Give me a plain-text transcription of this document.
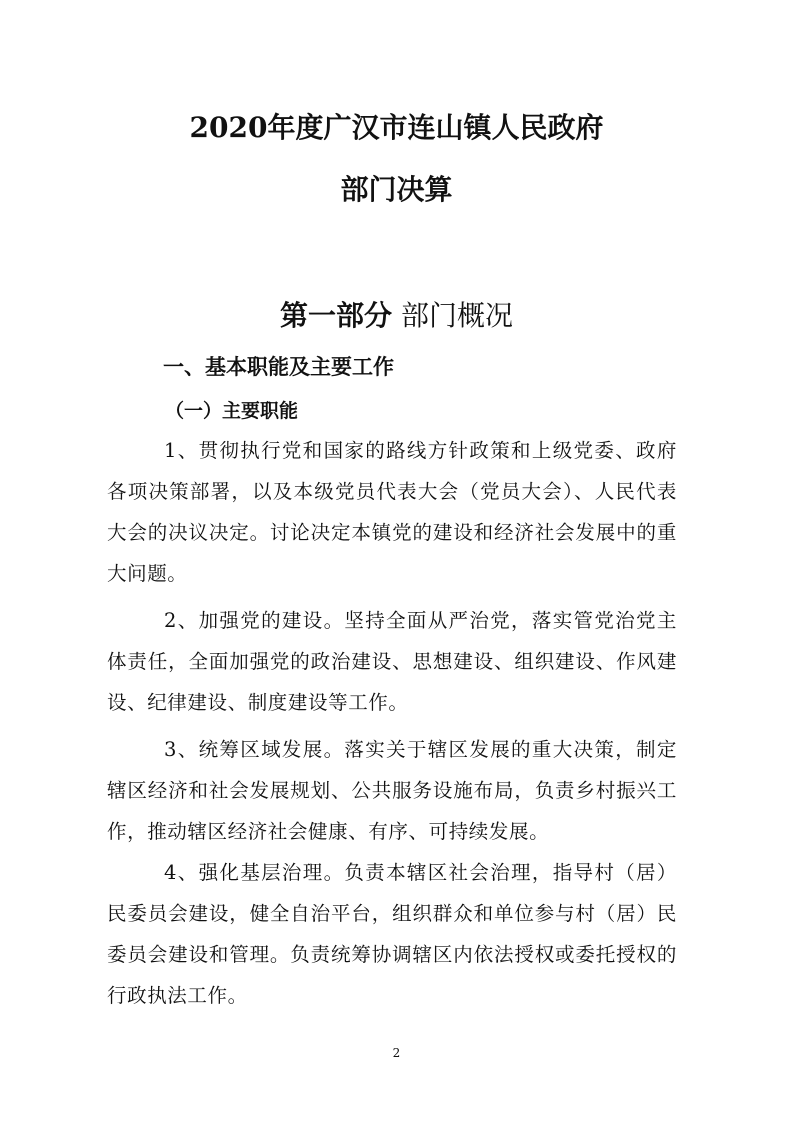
2020年度广汉市连山镇人民政府
部门决算
第一部分 部门概况
一、基本职能及主要工作
（一）主要职能

1、贯彻执行党和国家的路线方针政策和上级党委、政府各项决策部署，以及本级党员代表大会（党员大会）、人民代表大会的决议决定。讨论决定本镇党的建设和经济社会发展中的重大问题。

2、加强党的建设。坚持全面从严治党，落实管党治党主体责任，全面加强党的政治建设、思想建设、组织建设、作风建设、纪律建设、制度建设等工作。

3、统筹区域发展。落实关于辖区发展的重大决策，制定辖区经济和社会发展规划、公共服务设施布局，负责乡村振兴工作，推动辖区经济社会健康、有序、可持续发展。

4、强化基层治理。负责本辖区社会治理，指导村（居）民委员会建设，健全自治平台，组织群众和单位参与村（居）民委员会建设和管理。负责统筹协调辖区内依法授权或委托授权的行政执法工作。

2
